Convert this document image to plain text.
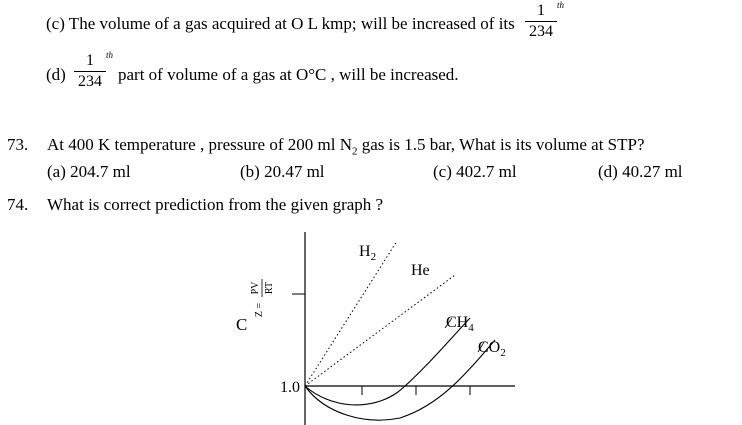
(c) The volume of a gas acquired at O L kmp; will be increased of its
1
234
th
(d)
1
234
th
part of volume of a gas at O°C , will be increased.
73. At 400 K temperature , pressure of 200 ml $N_2$ gas is 1.5 bar, What is its volume at STP?
(a) 204.7 ml	(b) 20.47 ml	(c) 402.7 ml	(d) 40.27 ml
74. What is correct prediction from the given graph ?
$H_2$
He
$CH_4$
$CO_2$
1.0
C
Z =
PV RT
